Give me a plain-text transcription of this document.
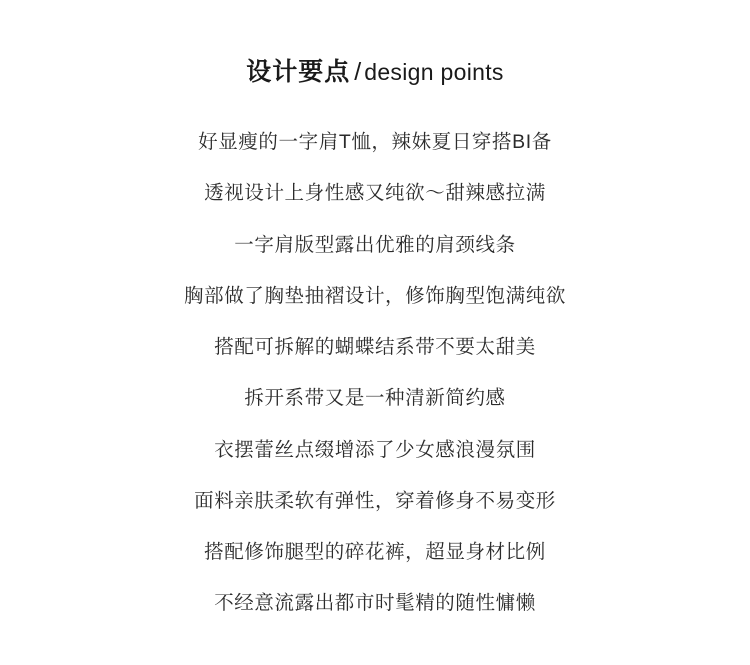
设计要点 / design points
好显瘦的一字肩T恤，辣妹夏日穿搭BI备
透视设计上身性感又纯欲～甜辣感拉满
一字肩版型露出优雅的肩颈线条
胸部做了胸垫抽褶设计，修饰胸型饱满纯欲
搭配可拆解的蝴蝶结系带不要太甜美
拆开系带又是一种清新简约感
衣摆蕾丝点缀增添了少女感浪漫氛围
面料亲肤柔软有弹性，穿着修身不易变形
搭配修饰腿型的碎花裤，超显身材比例
不经意流露出都市时髦精的随性慵懒
